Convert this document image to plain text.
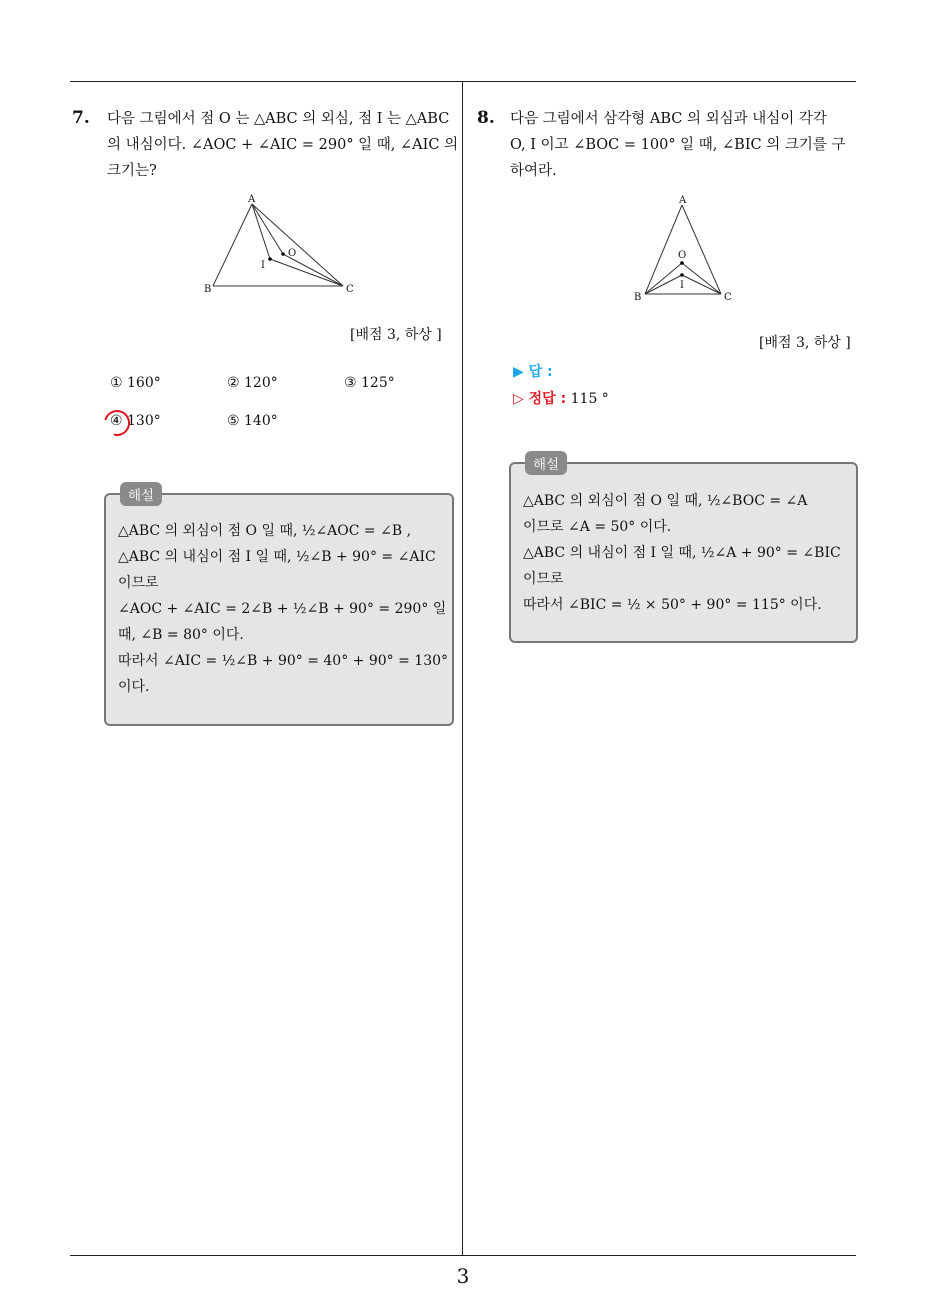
7. 다음 그림에서 점 O 는 △ABC 의 외심, 점 I 는 △ABC
의 내심이다. ∠AOC + ∠AIC = 290° 일 때, ∠AIC 의
크기는?
A
B	C
O
I
[배점 3, 하상 ]
① 160°	② 120°	③ 125°
④ 130°	⑤ 140°
해설
△ABC 의 외심이 점 O 일 때, ½∠AOC = ∠B ,
△ABC 의 내심이 점 I 일 때, ½∠B + 90° = ∠AIC
이므로
∠AOC + ∠AIC = 2∠B + ½∠B + 90° = 290° 일
때, ∠B = 80° 이다.
따라서 ∠AIC = ½∠B + 90° = 40° + 90° = 130°
이다.
8. 다음 그림에서 삼각형 ABC 의 외심과 내심이 각각
O, I 이고 ∠BOC = 100° 일 때, ∠BIC 의 크기를 구
하여라.
A
B	C
O
I
[배점 3, 하상 ]
▶ 답 :
▷ 정답 : 115 °
해설
△ABC 의 외심이 점 O 일 때, ½∠BOC = ∠A
이므로 ∠A = 50° 이다.
△ABC 의 내심이 점 I 일 때, ½∠A + 90° = ∠BIC
이므로
따라서 ∠BIC = ½ × 50° + 90° = 115° 이다.
3
